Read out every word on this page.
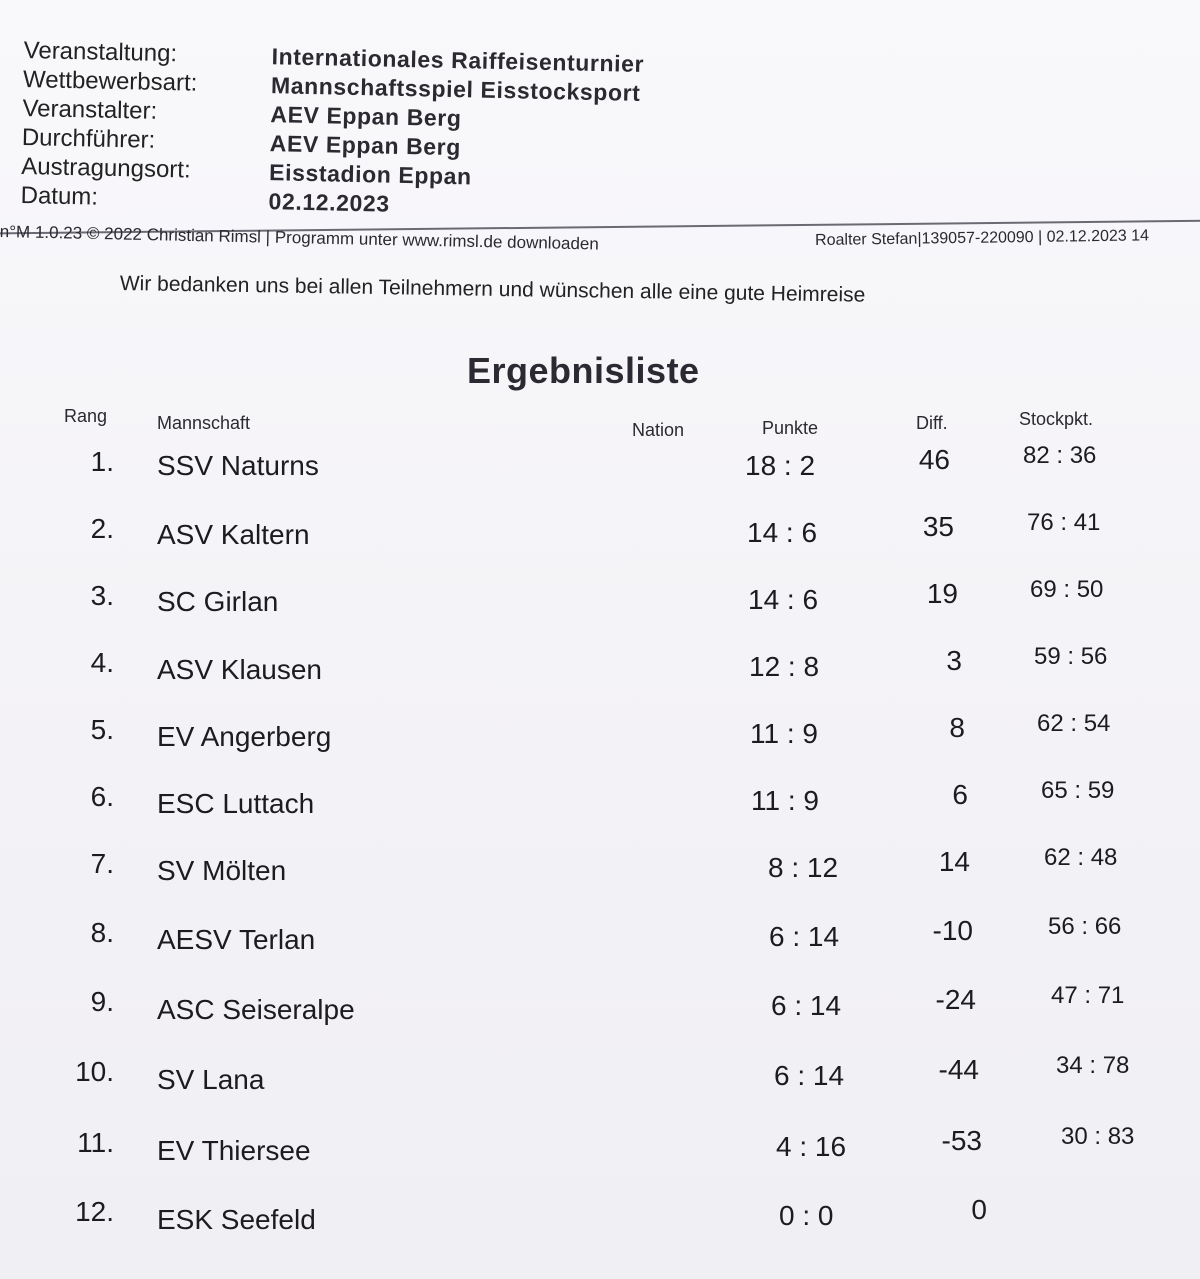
Veranstaltung:	Internationales Raiffeisenturnier
Wettbewerbsart:	Mannschaftsspiel Eisstocksport
Veranstalter:	AEV Eppan Berg
Durchführer:	AEV Eppan Berg
Austragungsort:	Eisstadion Eppan
Datum:	02.12.2023
n°M 1.0.23 © 2022 Christian Rimsl | Programm unter www.rimsl.de downloaden	Roalter Stefan|139057-220090 | 02.12.2023 14
Wir bedanken uns bei allen Teilnehmern und wünschen alle eine gute Heimreise
Ergebnisliste
Rang	Mannschaft	Nation	Punkte	Diff.	Stockpkt.
1. SSV Naturns	18 : 2	46	82 : 36
2. ASV Kaltern	14 : 6	35	76 : 41
3. SC Girlan	14 : 6	19	69 : 50
4. ASV Klausen	12 : 8	3	59 : 56
5. EV Angerberg	11 : 9	8	62 : 54
6. ESC Luttach	11 : 9	6	65 : 59
7. SV Mölten	8 : 12	14	62 : 48
8. AESV Terlan	6 : 14	-10	56 : 66
9. ASC Seiseralpe	6 : 14	-24	47 : 71
10. SV Lana	6 : 14	-44	34 : 78
11. EV Thiersee	4 : 16	-53	30 : 83
12. ESK Seefeld	0 : 0	0
